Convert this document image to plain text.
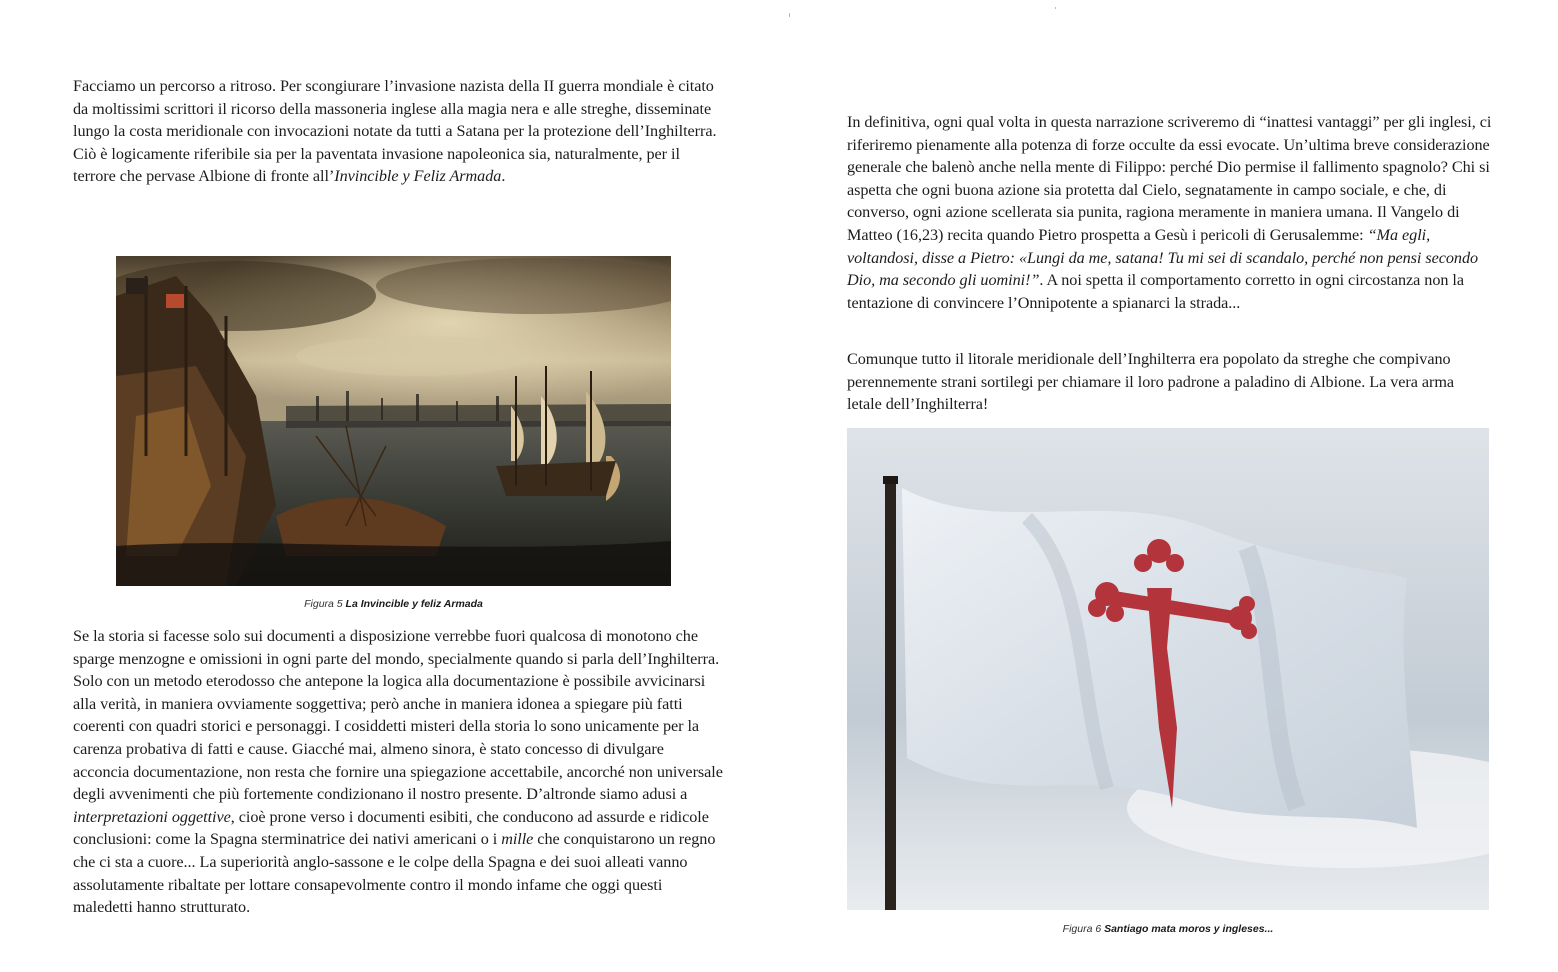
Facciamo un percorso a ritroso. Per scongiurare l’invasione nazista della II guerra mondiale è citato da moltissimi scrittori il ricorso della massoneria inglese alla magia nera e alle streghe, disseminate lungo la costa meridionale con invocazioni notate da tutti a Satana per la protezione dell’Inghilterra. Ciò è logicamente riferibile sia per la paventata invasione napoleonica sia, naturalmente, per il terrore che pervase Albione di fronte all’Invincible y Feliz Armada.

Figura 5 La Invincible y feliz Armada

Se la storia si facesse solo sui documenti a disposizione verrebbe fuori qualcosa di monotono che sparge menzogne e omissioni in ogni parte del mondo, specialmente quando si parla dell’Inghilterra. Solo con un metodo eterodosso che antepone la logica alla documentazione è possibile avvicinarsi alla verità, in maniera ovviamente soggettiva; però anche in maniera idonea a spiegare più fatti coerenti con quadri storici e personaggi. I cosiddetti misteri della storia lo sono unicamente per la carenza probativa di fatti e cause. Giacché mai, almeno sinora, è stato concesso di divulgare acconcia documentazione, non resta che fornire una spiegazione accettabile, ancorché non universale degli avvenimenti che più fortemente condizionano il nostro presente. D’altronde siamo adusi a interpretazioni oggettive, cioè prone verso i documenti esibiti, che conducono ad assurde e ridicole conclusioni: come la Spagna sterminatrice dei nativi americani o i mille che conquistarono un regno che ci sta a cuore... La superiorità anglo-sassone e le colpe della Spagna e dei suoi alleati vanno assolutamente ribaltate per lottare consapevolmente contro il mondo infame che oggi questi maledetti hanno strutturato.

In definitiva, ogni qual volta in questa narrazione scriveremo di “inattesi vantaggi” per gli inglesi, ci riferiremo pienamente alla potenza di forze occulte da essi evocate. Un’ultima breve considerazione generale che balenò anche nella mente di Filippo: perché Dio permise il fallimento spagnolo? Chi si aspetta che ogni buona azione sia protetta dal Cielo, segnatamente in campo sociale, e che, di converso, ogni azione scellerata sia punita, ragiona meramente in maniera umana. Il Vangelo di Matteo (16,23) recita quando Pietro prospetta a Gesù i pericoli di Gerusalemme: “Ma egli, voltandosi, disse a Pietro: «Lungi da me, satana! Tu mi sei di scandalo, perché non pensi secondo Dio, ma secondo gli uomini!”. A noi spetta il comportamento corretto in ogni circostanza non la tentazione di convincere l’Onnipotente a spianarci la strada...

Comunque tutto il litorale meridionale dell’Inghilterra era popolato da streghe che compivano perennemente strani sortilegi per chiamare il loro padrone a paladino di Albione. La vera arma letale dell’Inghilterra!

Figura 6 Santiago mata moros y ingleses...
